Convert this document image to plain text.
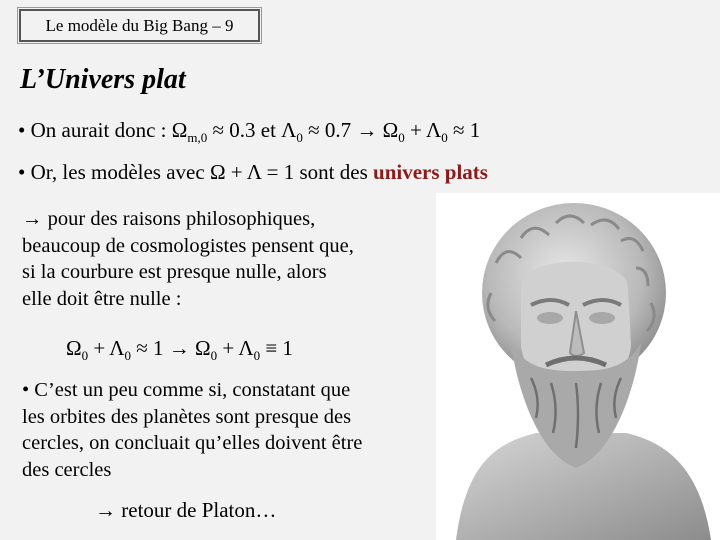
Le modèle du Big Bang – 9
L’Univers plat
• On aurait donc : $\Omega_{m,0} \approx 0.3$ et $\Lambda_0 \approx 0.7 \to \Omega_0 + \Lambda_0 \approx 1$
• Or, les modèles avec Ω + Λ = 1 sont des univers plats
→ pour des raisons philosophiques,
beaucoup de cosmologistes pensent que,
si la courbure est presque nulle, alors
elle doit être nulle :
$\Omega_0 + \Lambda_0 \approx 1 \to \Omega_0 + \Lambda_0 \equiv 1$
• C’est un peu comme si, constatant que
les orbites des planètes sont presque des
cercles, on concluait qu’elles doivent être
des cercles
→ retour de Platon…
